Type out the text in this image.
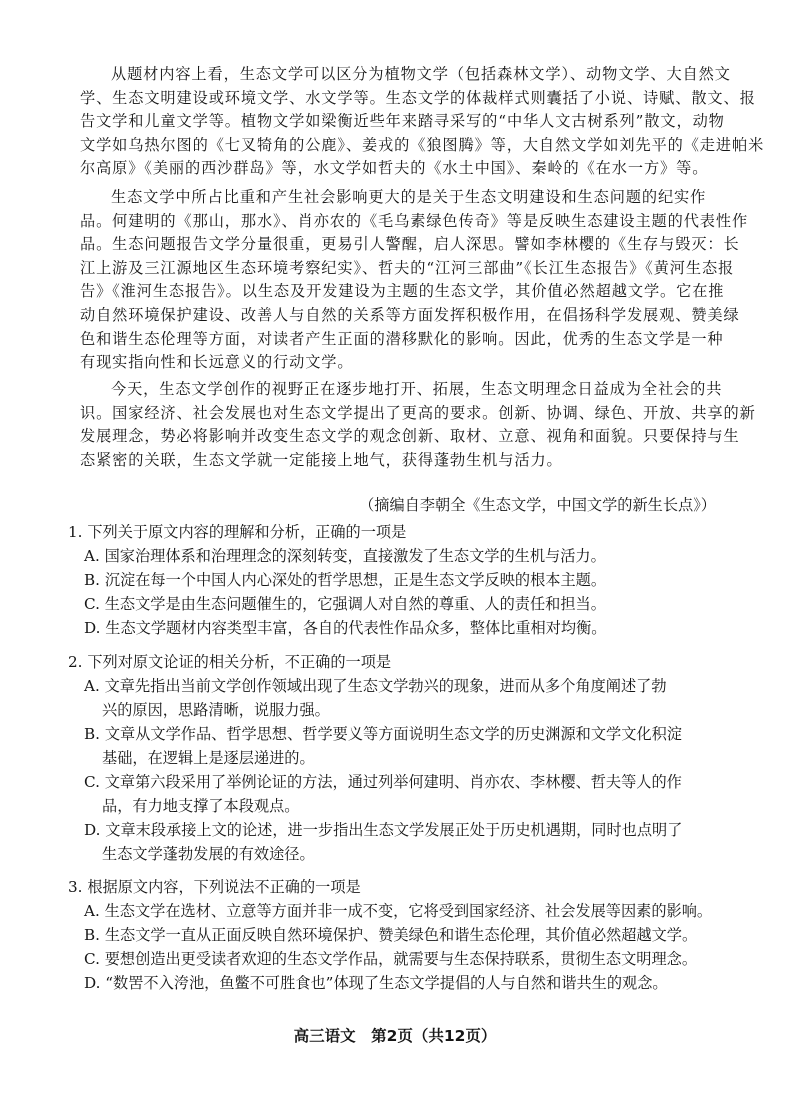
从题材内容上看，生态文学可以区分为植物文学（包括森林文学）、动物文学、大自然文
学、生态文明建设或环境文学、水文学等。生态文学的体裁样式则囊括了小说、诗赋、散文、报
告文学和儿童文学等。植物文学如梁衡近些年来踏寻采写的“中华人文古树系列”散文，动物
文学如乌热尔图的《七叉犄角的公鹿》、姜戎的《狼图腾》等，大自然文学如刘先平的《走进帕米
尔高原》《美丽的西沙群岛》等，水文学如哲夫的《水土中国》、秦岭的《在水一方》等。
生态文学中所占比重和产生社会影响更大的是关于生态文明建设和生态问题的纪实作
品。何建明的《那山，那水》、肖亦农的《毛乌素绿色传奇》等是反映生态建设主题的代表性作
品。生态问题报告文学分量很重，更易引人警醒，启人深思。譬如李林樱的《生存与毁灭：长
江上游及三江源地区生态环境考察纪实》、哲夫的“江河三部曲”《长江生态报告》《黄河生态报
告》《淮河生态报告》。以生态及开发建设为主题的生态文学，其价值必然超越文学。它在推
动自然环境保护建设、改善人与自然的关系等方面发挥积极作用，在倡扬科学发展观、赞美绿
色和谐生态伦理等方面，对读者产生正面的潜移默化的影响。因此，优秀的生态文学是一种
有现实指向性和长远意义的行动文学。
今天，生态文学创作的视野正在逐步地打开、拓展，生态文明理念日益成为全社会的共
识。国家经济、社会发展也对生态文学提出了更高的要求。创新、协调、绿色、开放、共享的新
发展理念，势必将影响并改变生态文学的观念创新、取材、立意、视角和面貌。只要保持与生
态紧密的关联，生态文学就一定能接上地气，获得蓬勃生机与活力。

（摘编自李朝全《生态文学，中国文学的新生长点》）

1. 下列关于原文内容的理解和分析，正确的一项是

A. 国家治理体系和治理理念的深刻转变，直接激发了生态文学的生机与活力。

B. 沉淀在每一个中国人内心深处的哲学思想，正是生态文学反映的根本主题。

C. 生态文学是由生态问题催生的，它强调人对自然的尊重、人的责任和担当。

D. 生态文学题材内容类型丰富，各自的代表性作品众多，整体比重相对均衡。

2. 下列对原文论证的相关分析，不正确的一项是

A. 文章先指出当前文学创作领域出现了生态文学勃兴的现象，进而从多个角度阐述了勃
兴的原因，思路清晰，说服力强。
B. 文章从文学作品、哲学思想、哲学要义等方面说明生态文学的历史渊源和文学文化积淀
基础，在逻辑上是逐层递进的。
C. 文章第六段采用了举例论证的方法，通过列举何建明、肖亦农、李林樱、哲夫等人的作
品，有力地支撑了本段观点。
D. 文章末段承接上文的论述，进一步指出生态文学发展正处于历史机遇期，同时也点明了
生态文学蓬勃发展的有效途径。

3. 根据原文内容，下列说法不正确的一项是

A. 生态文学在选材、立意等方面并非一成不变，它将受到国家经济、社会发展等因素的影响。

B. 生态文学一直从正面反映自然环境保护、赞美绿色和谐生态伦理，其价值必然超越文学。

C. 要想创造出更受读者欢迎的生态文学作品，就需要与生态保持联系，贯彻生态文明理念。

D. “数罟不入洿池，鱼鳖不可胜食也”体现了生态文学提倡的人与自然和谐共生的观念。

高三语文　第2页（共12页）
